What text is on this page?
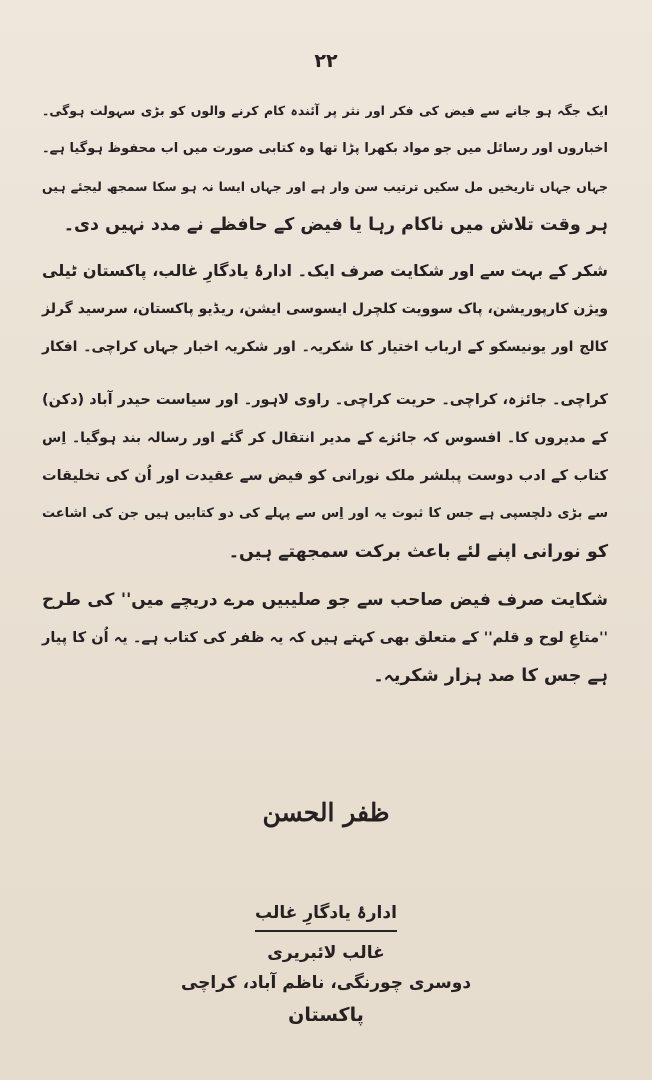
۲۲
ایک جگہ ہو جانے سے فیض کی فکر اور نثر پر آئندہ کام کرنے والوں کو بڑی سہولت ہوگی۔
اخباروں اور رسائل میں جو مواد بکھرا پڑا تھا وہ کتابی صورت میں اب محفوظ ہوگیا ہے۔
جہاں جہاں تاریخیں مل سکیں ترتیب سن وار ہے اور جہاں ایسا نہ ہو سکا سمجھ لیجئے ہیں
ہر وقت تلاش میں ناکام رہا یا فیض کے حافظے نے مدد نہیں دی۔
شکر کے بہت سے اور شکایت صرف ایک۔ ادارۂ یادگارِ غالب، پاکستان ٹیلی
ویژن کارپوریشن، پاک سوویت کلچرل ایسوسی ایشن، ریڈیو پاکستان، سرسید گرلز
کالج اور یونیسکو کے ارباب اختیار کا شکریہ۔ اور شکریہ اخبار جہاں کراچی۔ افکار
کراچی۔ جائزہ، کراچی۔ حریت کراچی۔ راوی لاہور۔ اور سیاست حیدر آباد (دکن)
کے مدیروں کا۔ افسوس کہ جائزے کے مدیر انتقال کر گئے اور رسالہ بند ہوگیا۔ اِس
کتاب کے ادب دوست پبلشر ملک نورانی کو فیض سے عقیدت اور اُن کی تخلیقات
سے بڑی دلچسپی ہے جس کا ثبوت یہ اور اِس سے پہلے کی دو کتابیں ہیں جن کی اشاعت
کو نورانی اپنے لئے باعث برکت سمجھتے ہیں۔
شکایت صرف فیض صاحب سے جو صلیبیں مرے دریچے میں'' کی طرح
''متاعِ لوح و قلم'' کے متعلق بھی کہتے ہیں کہ یہ ظفر کی کتاب ہے۔ یہ اُن کا پیار
ہے جس کا صد ہزار شکریہ۔
ظفر الحسن
ادارۂ یادگارِ غالب
غالب لائبریری
دوسری چورنگی، ناظم آباد، کراچی
پاکستان
